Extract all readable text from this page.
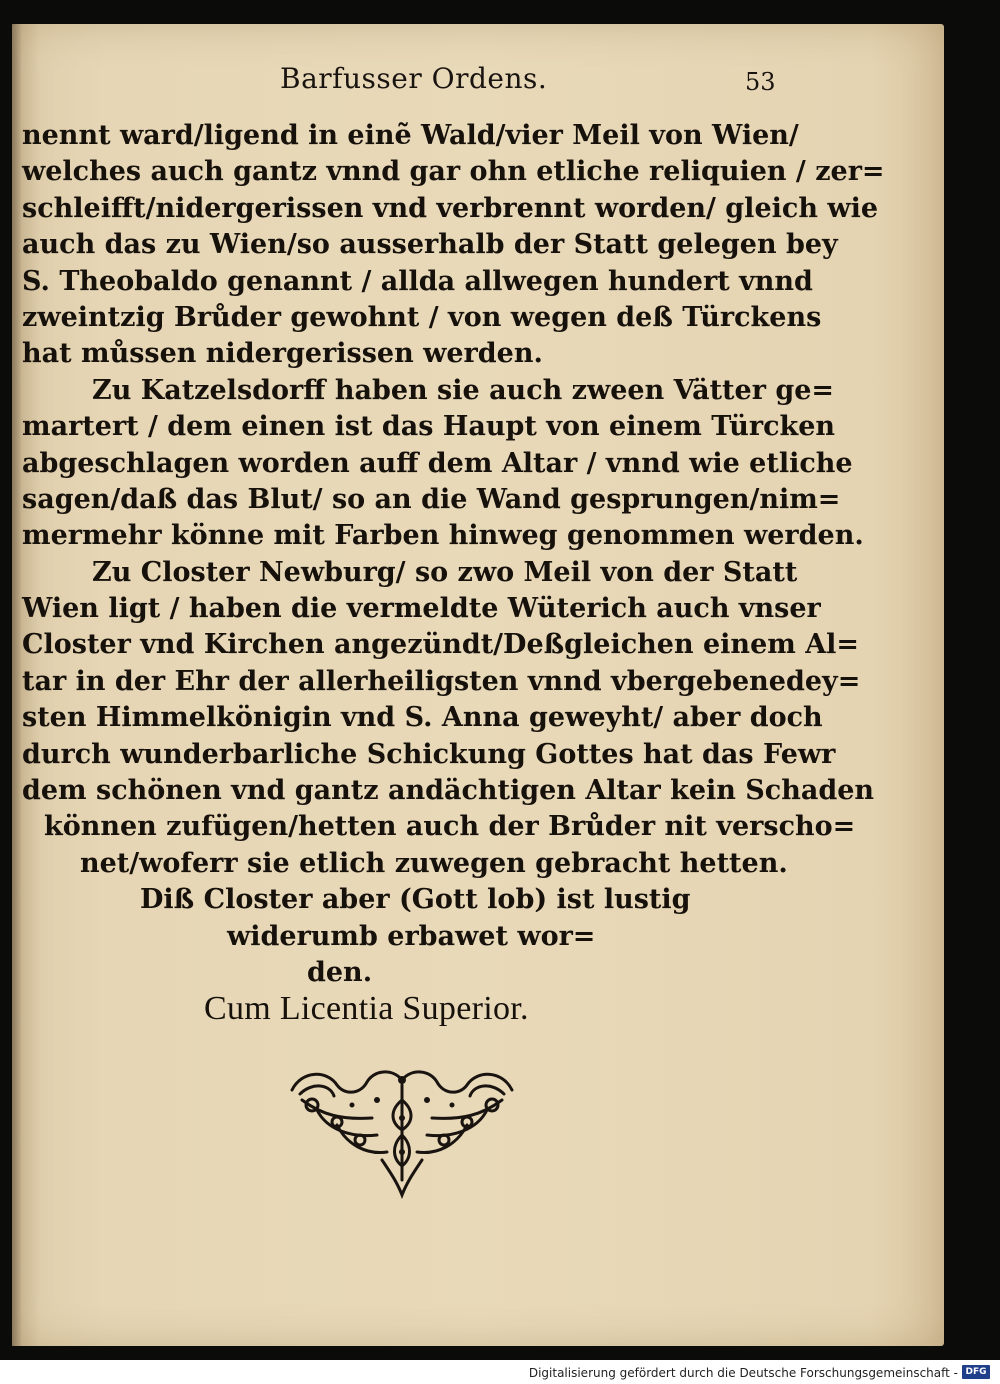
Barfusser Ordens.	53
nennt ward/ligend in einẽ Wald/vier Meil von Wien/
welches auch gantz vnnd gar ohn etliche reliquien / zer=
schleifft/nidergerissen vnd verbrennt worden/ gleich wie
auch das zu Wien/so ausserhalb der Statt gelegen bey
S. Theobaldo genannt / allda allwegen hundert vnnd
zweintzig Brůder gewohnt / von wegen deß Türckens
hat můssen nidergerissen werden.
Zu Katzelsdorff haben sie auch zween Vätter ge=
martert / dem einen ist das Haupt von einem Türcken
abgeschlagen worden auff dem Altar / vnnd wie etliche
sagen/daß das Blut/ so an die Wand gesprungen/nim=
mermehr könne mit Farben hinweg genommen werden.
Zu Closter Newburg/ so zwo Meil von der Statt
Wien ligt / haben die vermeldte Wüterich auch vnser
Closter vnd Kirchen angezündt/Deßgleichen einem Al=
tar in der Ehr der allerheiligsten vnnd vbergebenedey=
sten Himmelkönigin vnd S. Anna geweyht/ aber doch
durch wunderbarliche Schickung Gottes hat das Fewr
dem schönen vnd gantz andächtigen Altar kein Schaden
können zufügen/hetten auch der Brůder nit verscho=
net/woferr sie etlich zuwegen gebracht hetten.
Diß Closter aber (Gott lob) ist lustig
widerumb erbawet wor=
den.
Cum Licentia Superior.
Digitalisierung gefördert durch die Deutsche Forschungsgemeinschaft - DFG
